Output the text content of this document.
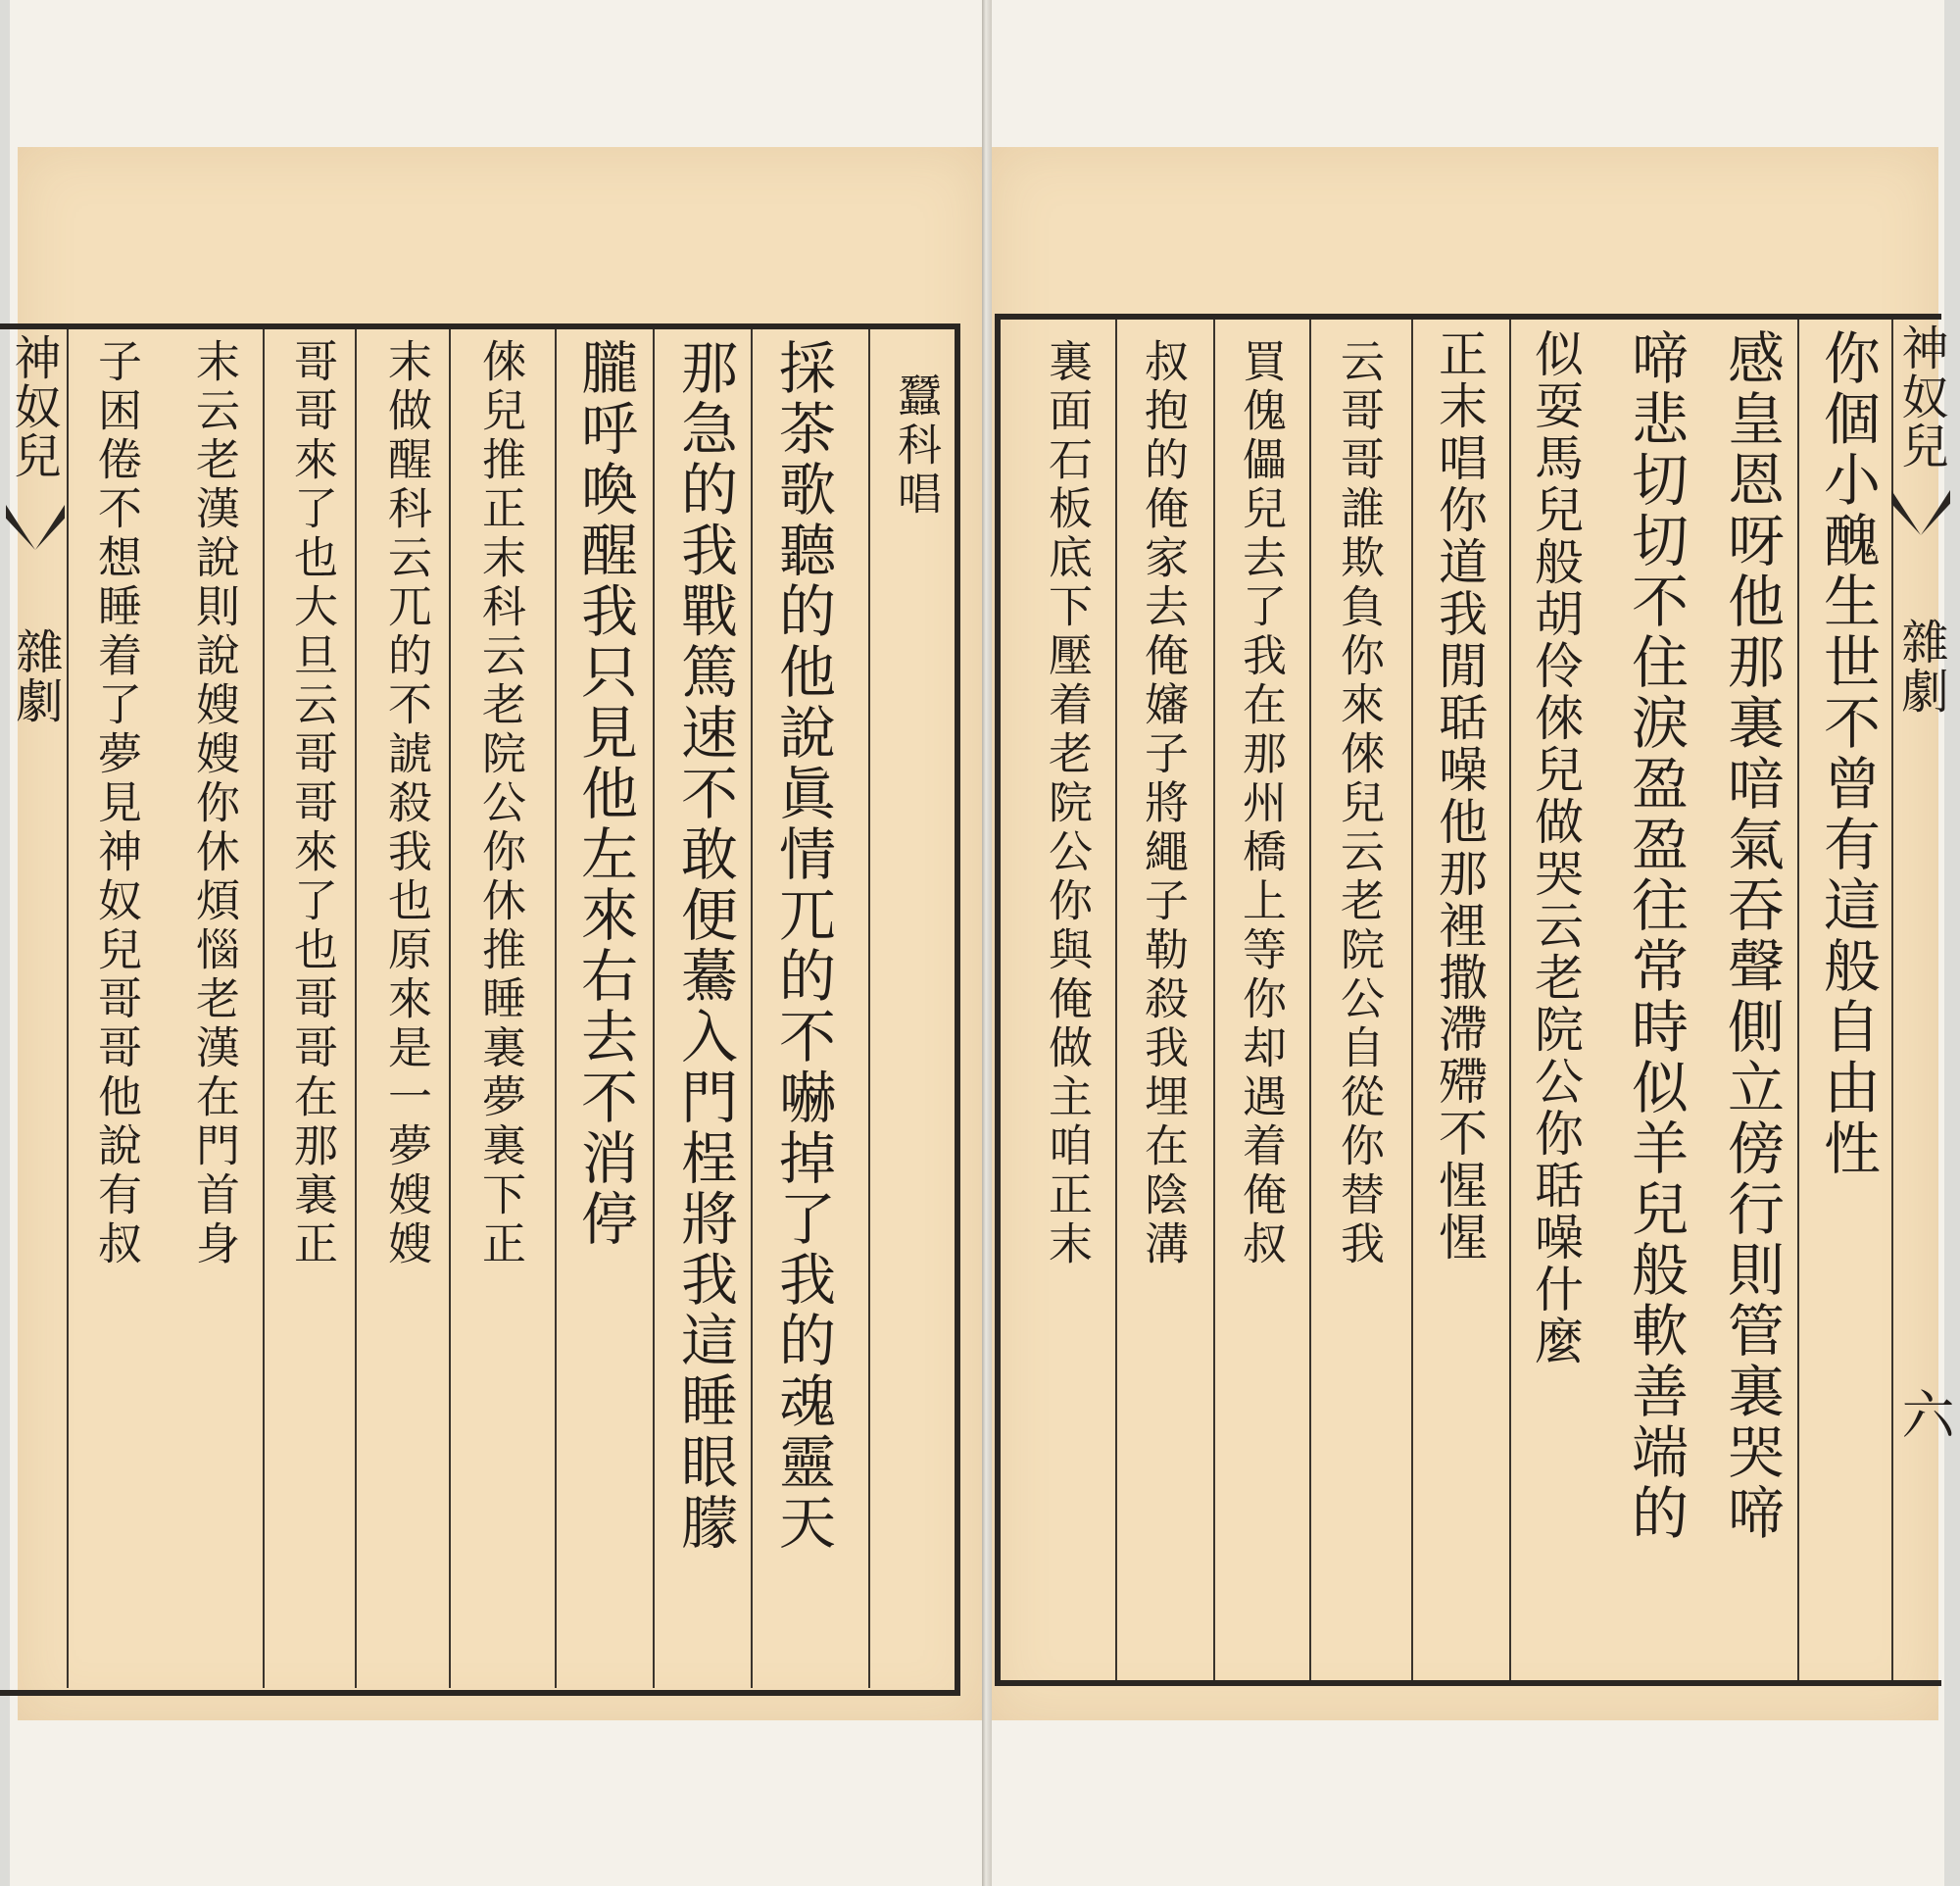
神奴兒
雜劇
蠶科唱
採茶歌聽的他說眞情兀的不嚇掉了我的魂靈天
那急的我戰篤速不敢便驀入門桯將我這睡眼朦
朧呼喚醒我只見他左來右去不消停
倈兒推正末科云老院公你休推睡裏夢裏下正
末做醒科云兀的不諕殺我也原來是一夢嫂嫂
哥哥來了也大旦云哥哥來了也哥哥在那裏正
末云老漢說則說嫂嫂你休煩惱老漢在門首身
子困倦不想睡着了夢見神奴兒哥哥他說有叔	你個小醜生世不曾有這般自由性
感皇恩呀他那裏喑氣吞聲側立傍行則管裏哭啼
啼悲切切不住淚盈盈往常時似羊兒般軟善端的
似耍馬兒般胡伶倈兒做哭云老院公你聒噪什麼
正末唱你道我閒聒噪他那裡撒滯殢不惺惺
云哥哥誰欺負你來倈兒云老院公自從你替我
買傀儡兒去了我在那州橋上等你却遇着俺叔
叔抱的俺家去俺嬸子將繩子勒殺我埋在陰溝
裏面石板底下壓着老院公你與俺做主咱正末	神奴兒
雜劇
六
